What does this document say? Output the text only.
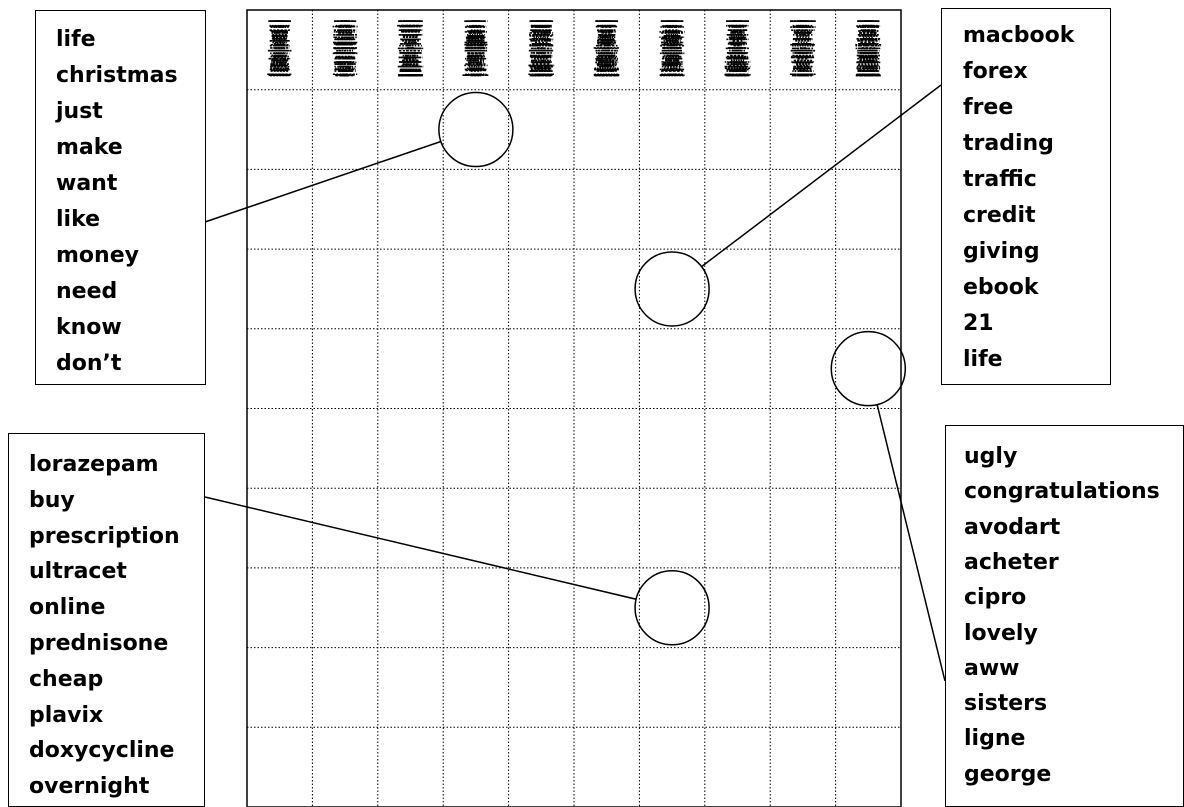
life
christmas
just
make
want
like
money
need
know
don’t
macbook
forex
free
trading
traffic
credit
giving
ebook
21
life
lorazepam
buy
prescription
ultracet
online
prednisone
cheap
plavix
doxycycline
overnight
ugly
congratulations
avodart
acheter
cipro
lovely
aww
sisters
ligne
george
